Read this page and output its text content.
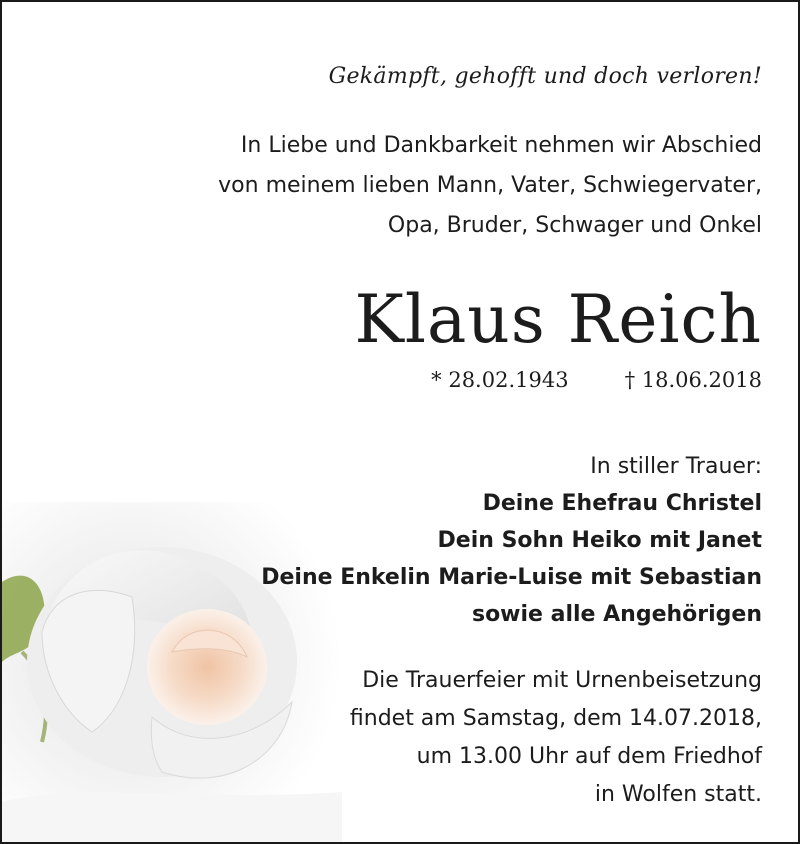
Gekämpft, gehofft und doch verloren!
In Liebe und Dankbarkeit nehmen wir Abschied
von meinem lieben Mann, Vater, Schwiegervater,
Opa, Bruder, Schwager und Onkel
Klaus Reich
* 28.02.1943	† 18.06.2018
In stiller Trauer:
Deine Ehefrau Christel
Dein Sohn Heiko mit Janet
Deine Enkelin Marie-Luise mit Sebastian
sowie alle Angehörigen
Die Trauerfeier mit Urnenbeisetzung
findet am Samstag, dem 14.07.2018,
um 13.00 Uhr auf dem Friedhof
in Wolfen statt.
